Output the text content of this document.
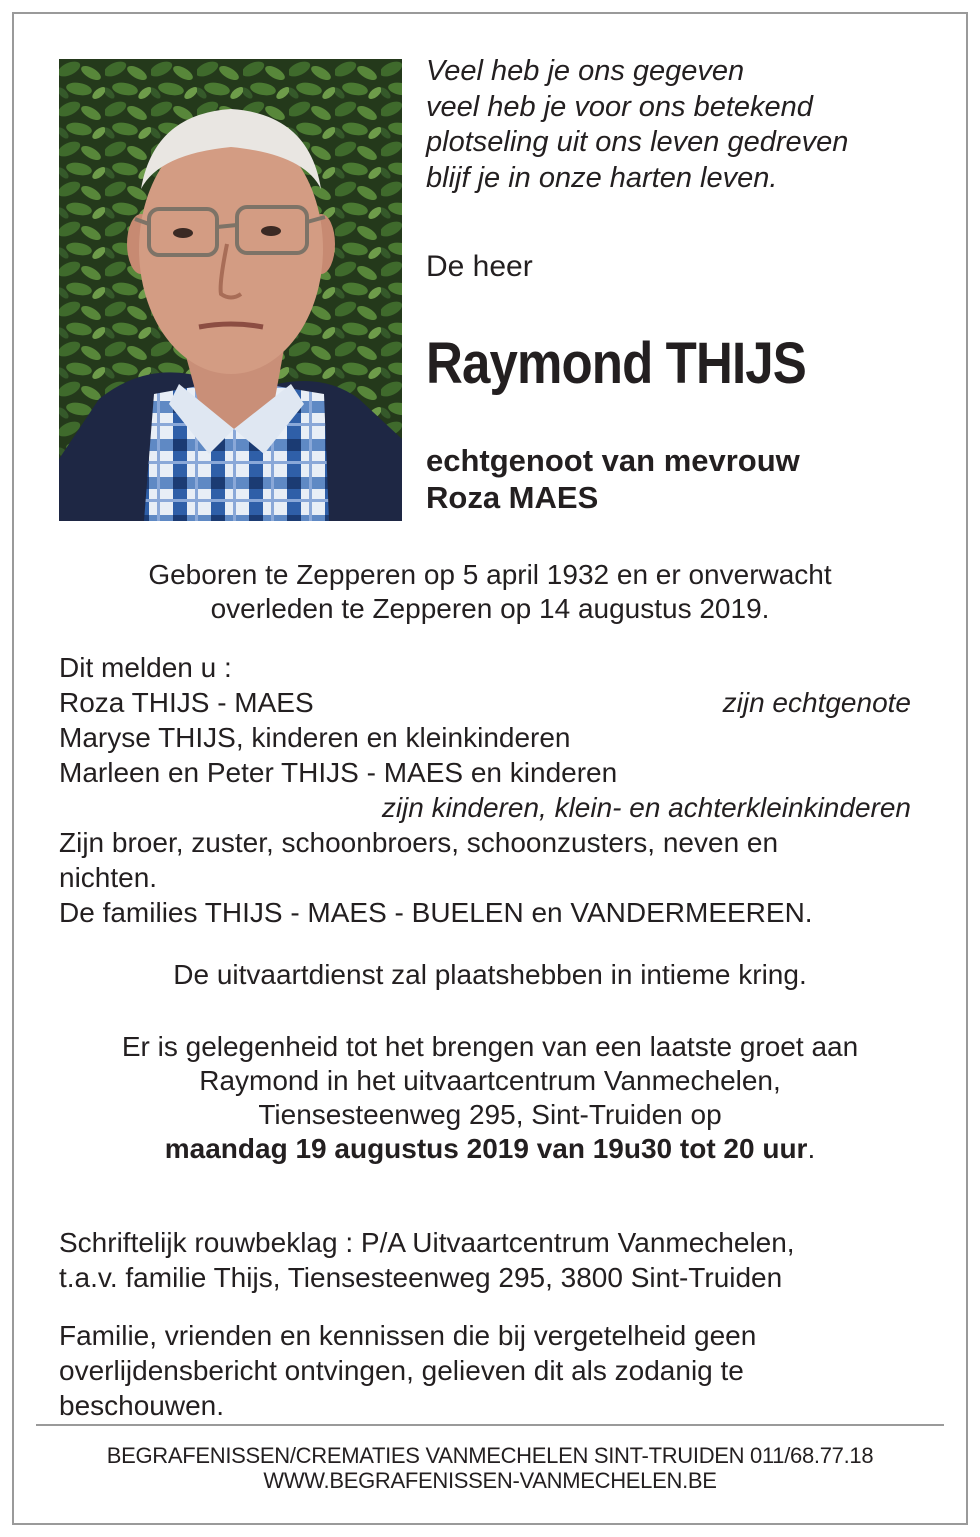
Veel heb je ons gegeven
veel heb je voor ons betekend
plotseling uit ons leven gedreven
blijf je in onze harten leven.
De heer
Raymond THIJS
echtgenoot van mevrouw
Roza MAES
Geboren te Zepperen op 5 april 1932 en er onverwacht
overleden te Zepperen op 14 augustus 2019.
Dit melden u :
Roza THIJS - MAES	zijn echtgenote
Maryse THIJS, kinderen en kleinkinderen
Marleen en Peter THIJS - MAES en kinderen
zijn kinderen, klein- en achterkleinkinderen
Zijn broer, zuster, schoonbroers, schoonzusters, neven en
nichten.
De families THIJS - MAES - BUELEN en VANDERMEEREN.
De uitvaartdienst zal plaatshebben in intieme kring.
Er is gelegenheid tot het brengen van een laatste groet aan
Raymond in het uitvaartcentrum Vanmechelen,
Tiensesteenweg 295, Sint-Truiden op
maandag 19 augustus 2019 van 19u30 tot 20 uur.
Schriftelijk rouwbeklag : P/A Uitvaartcentrum Vanmechelen,
t.a.v. familie Thijs, Tiensesteenweg 295, 3800 Sint-Truiden
Familie, vrienden en kennissen die bij vergetelheid geen
overlijdensbericht ontvingen, gelieven dit als zodanig te
beschouwen.
BEGRAFENISSEN/CREMATIES VANMECHELEN SINT-TRUIDEN 011/68.77.18
WWW.BEGRAFENISSEN-VANMECHELEN.BE
